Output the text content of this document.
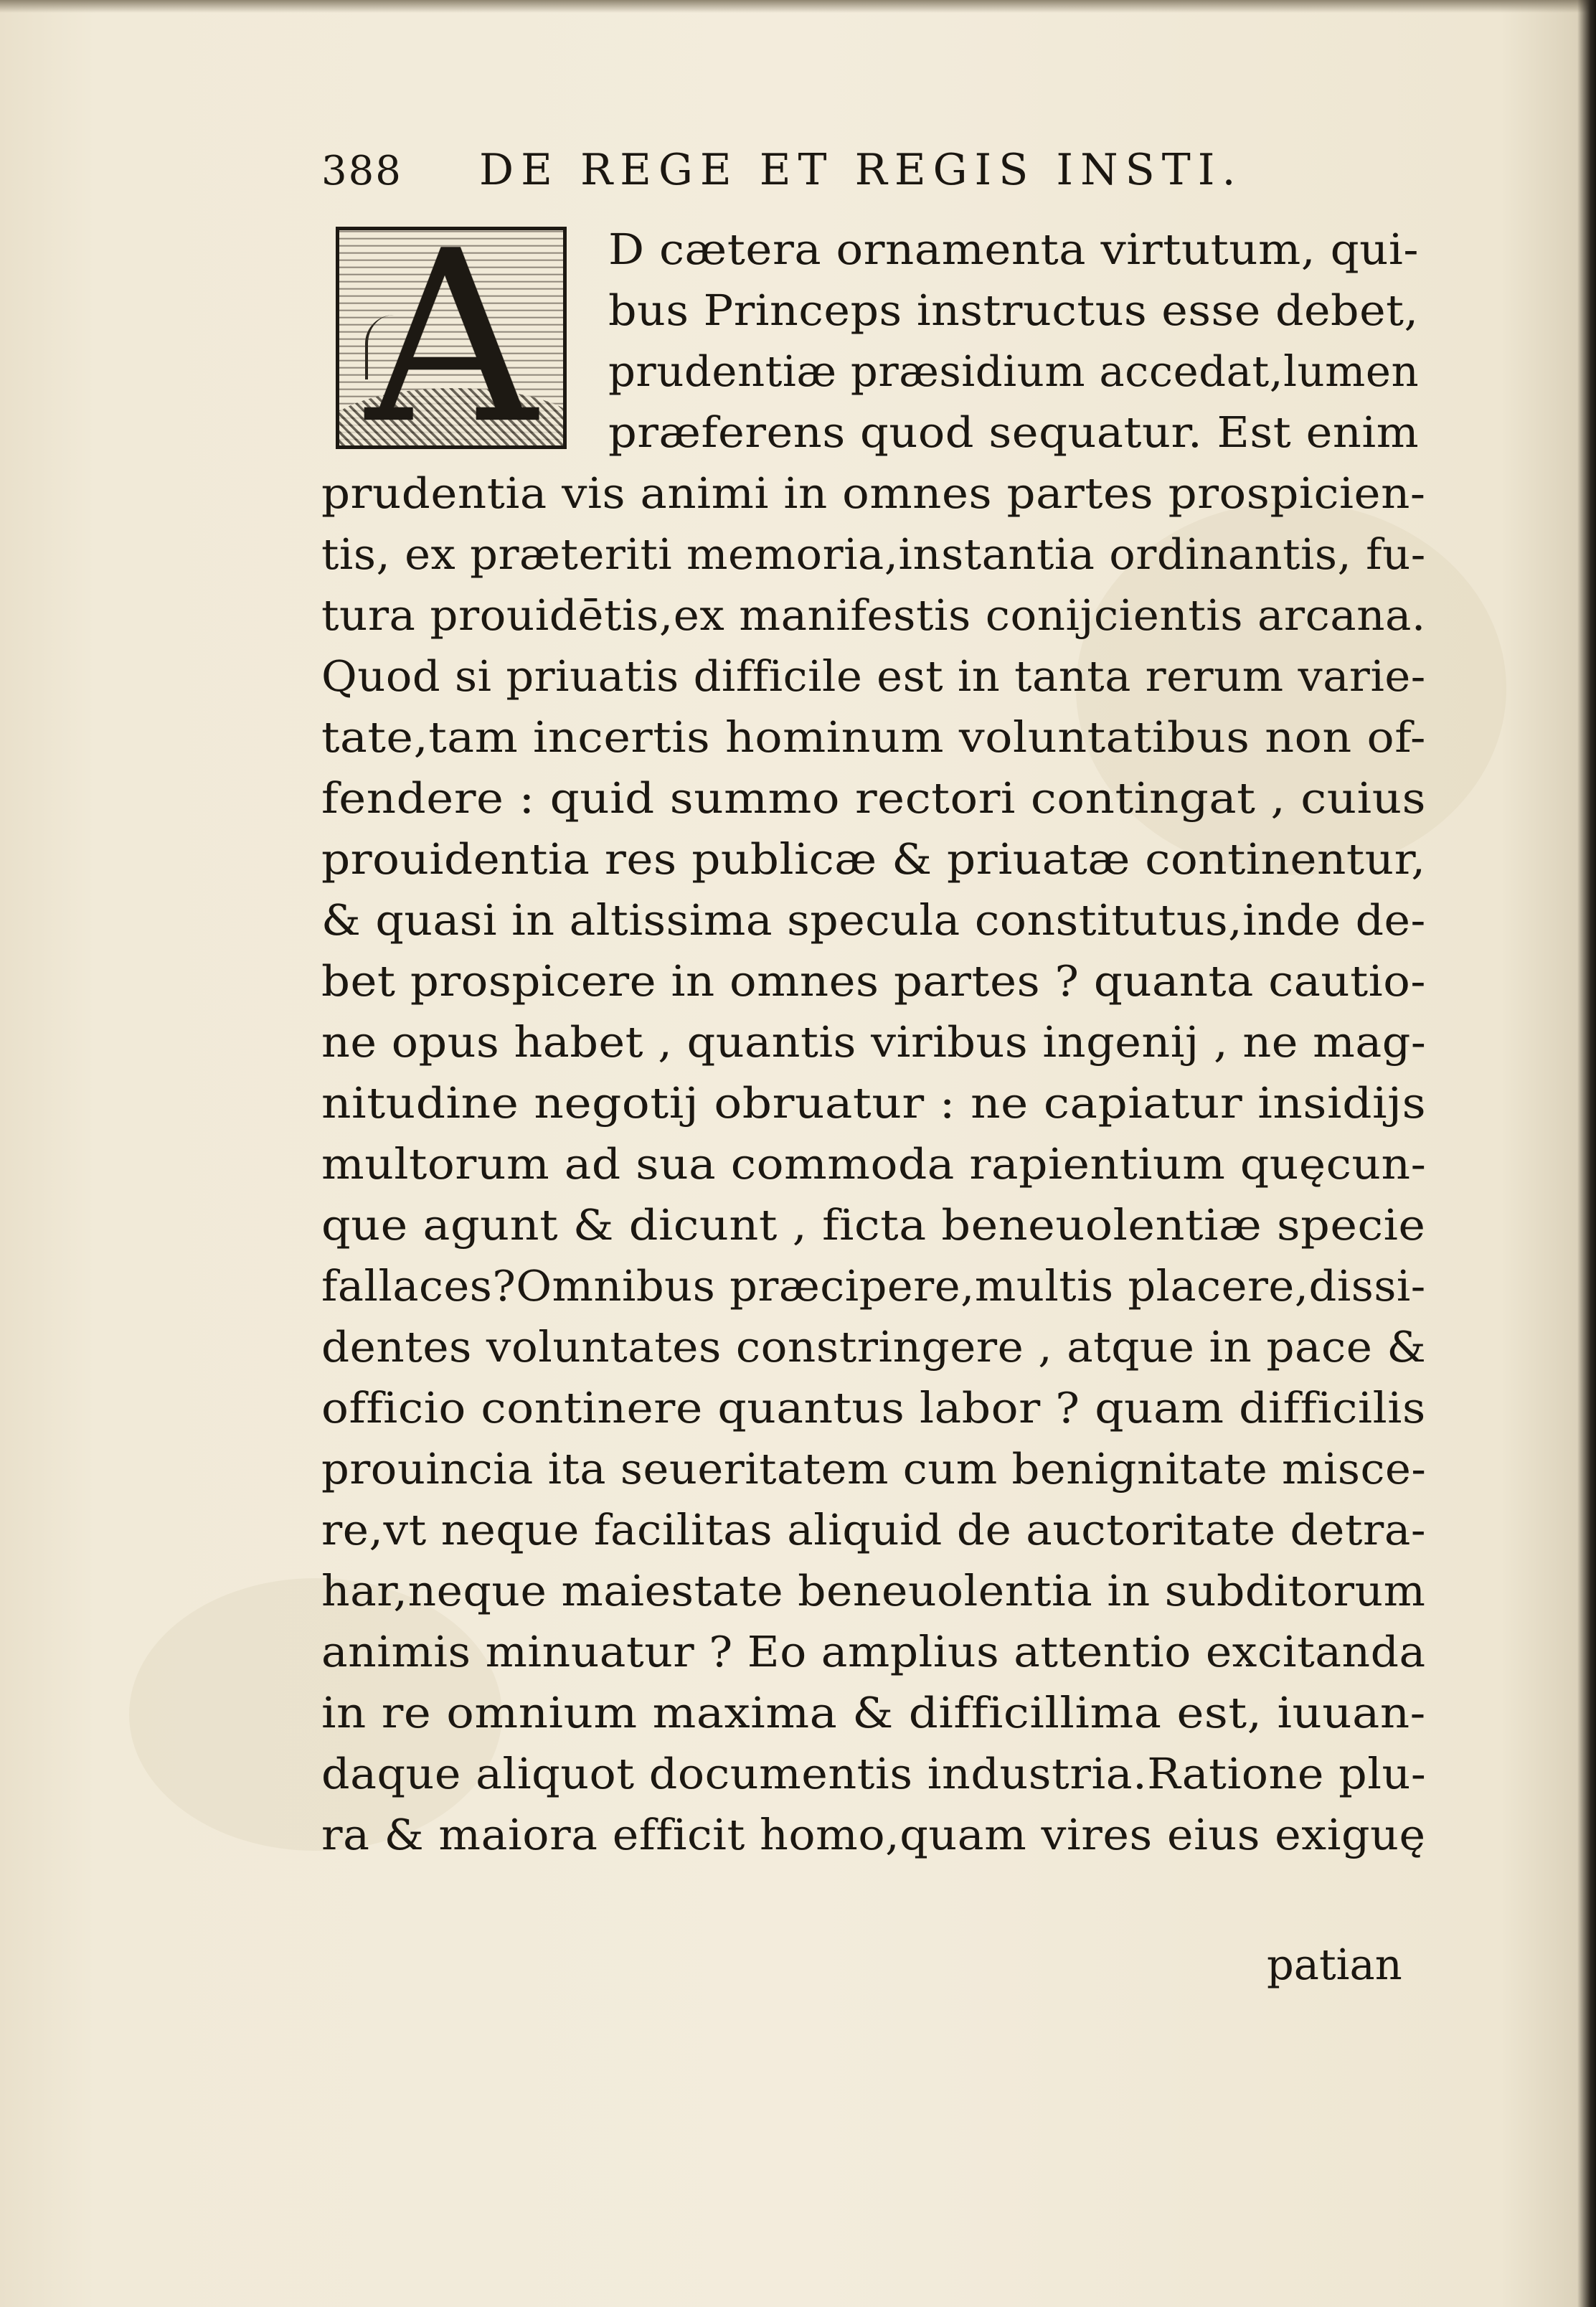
388 DE REGE ET REGIS INSTI.
A	D cætera ornamenta virtutum, qui-
bus Princeps instructus esse debet,
prudentiæ præsidium accedat,lumen
præferens quod sequatur. Est enim
prudentia vis animi in omnes partes prospicien-
tis, ex præteriti memoria,instantia ordinantis, fu-
tura prouidētis,ex manifestis conijcientis arcana.
Quod si priuatis difficile est in tanta rerum varie-
tate,tam incertis hominum voluntatibus non of-
fendere : quid summo rectori contingat , cuius
prouidentia res publicæ & priuatæ continentur,
& quasi in altissima specula constitutus,inde de-
bet prospicere in omnes partes ? quanta cautio-
ne opus habet , quantis viribus ingenij , ne mag-
nitudine negotij obruatur : ne capiatur insidijs
multorum ad sua commoda rapientium quęcun-
que agunt & dicunt , ficta beneuolentiæ specie
fallaces?Omnibus præcipere,multis placere,dissi-
dentes voluntates constringere , atque in pace &
officio continere quantus labor ? quam difficilis
prouincia ita seueritatem cum benignitate misce-
re,vt neque facilitas aliquid de auctoritate detra-
har,neque maiestate beneuolentia in subditorum
animis minuatur ? Eo amplius attentio excitanda
in re omnium maxima & difficillima est, iuuan-
daque aliquot documentis industria.Ratione plu-
ra & maiora efficit homo,quam vires eius exiguę
patian
